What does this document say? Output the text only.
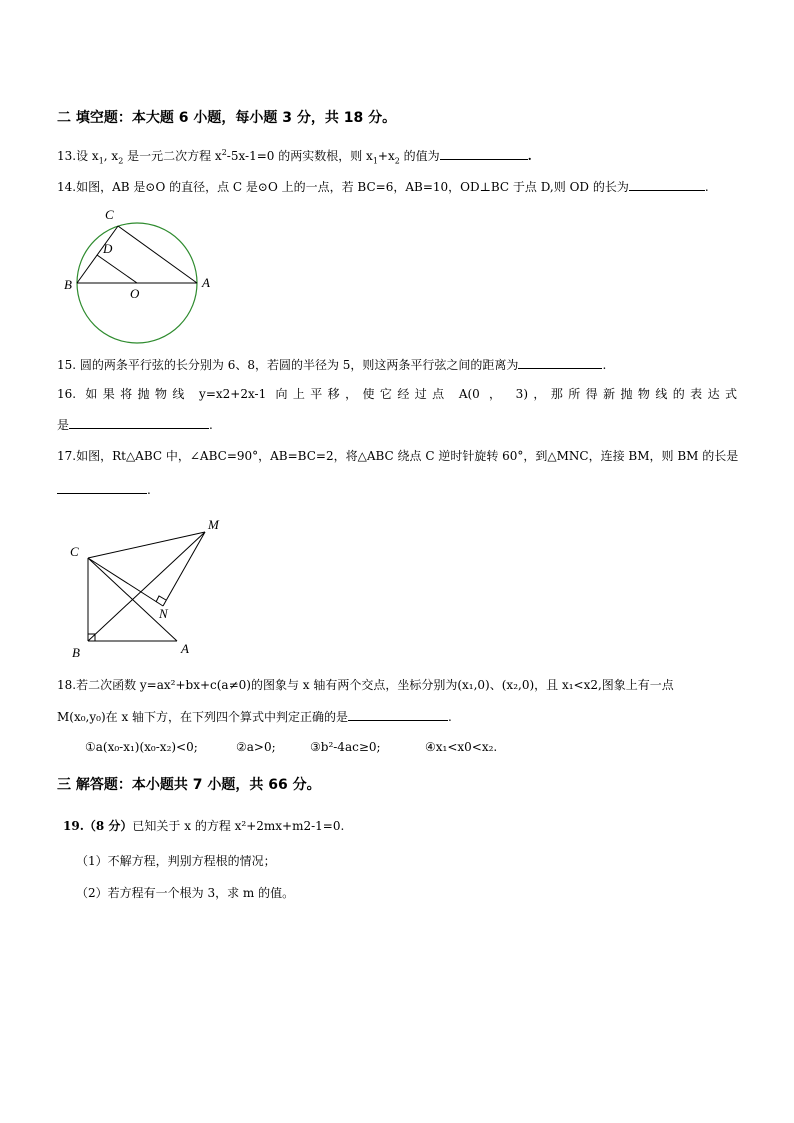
二 填空题：本大题 6 小题，每小题 3 分，共 18 分。
13.设 $x_1$, $x_2$ 是一元二次方程 $x^2-5x-1=0$ 的两实数根，则 $x_1+x_2$ 的值为	.
14.如图，AB 是⊙O 的直径，点 C 是⊙O 上的一点，若 BC=6，AB=10，OD⊥BC 于点 D,则 OD 的长为	.
C
D
B
O
A
15. 圆的两条平行弦的长分别为 6、8，若圆的半径为 5，则这两条平行弦之间的距离为	.
16. 如果将抛物线 y=x2+2x-1 向上平移，使它经过点 A(0 ， 3)，那所得新抛物线的表达式
是	.
17.如图，Rt△ABC 中，∠ABC=90°，AB=BC=2，将△ABC 绕点 C 逆时针旋转 60°，到△MNC，连接 BM，则 BM 的长是
.
M
C
N
B	A
18.若二次函数 y=ax²+bx+c(a≠0)的图象与 x 轴有两个交点，坐标分别为(x₁,0)、(x₂,0)，且 x₁<x2,图象上有一点
M(x₀,y₀)在 x 轴下方，在下列四个算式中判定正确的是	.
①a(x₀-x₁)(x₀-x₂)<0;	②a>0;	③b²-4ac≥0;	④x₁<x0<x₂.
三 解答题：本小题共 7 小题，共 66 分。
19.（8 分）已知关于 x 的方程 x²+2mx+m2-1=0.
（1）不解方程，判别方程根的情况；
（2）若方程有一个根为 3，求 m 的值。
